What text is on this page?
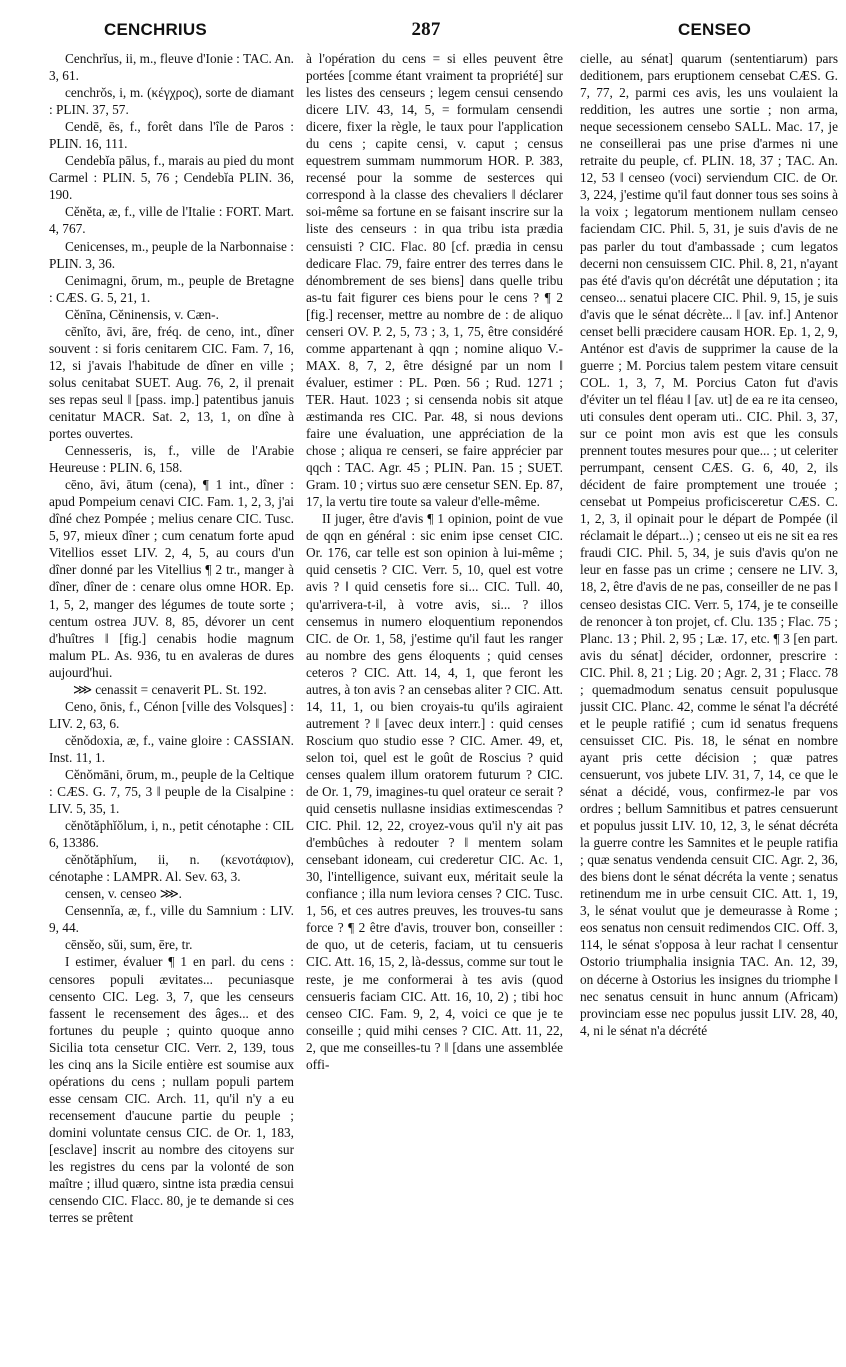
CENCHRIUS	287	CENSEO

Cenchrĭus, ii, m., fleuve d'Ionie : TAC. An. 3, 61.

cenchrŏs, i, m. (κέγχρος), sorte de diamant : PLIN. 37, 57.

Cendē, ēs, f., forêt dans l'île de Paros : PLIN. 16, 111.

Cendebĭa pālus, f., marais au pied du mont Carmel : PLIN. 5, 76 ; Cendebĭa PLIN. 36, 190.

Cĕnĕta, æ, f., ville de l'Italie : FORT. Mart. 4, 767.

Cenicenses, m., peuple de la Narbonnaise : PLIN. 3, 36.

Cenimagni, ōrum, m., peuple de Bretagne : CÆS. G. 5, 21, 1.

Cĕnīna, Cĕninensis, v. Cæn-.

cēnĭto, āvi, āre, fréq. de ceno, int., dîner souvent : si foris cenitarem CIC. Fam. 7, 16, 12, si j'avais l'habitude de dîner en ville ; solus cenitabat SUET. Aug. 76, 2, il prenait ses repas seul ‖ [pass. imp.] patentibus januis cenitatur MACR. Sat. 2, 13, 1, on dîne à portes ouvertes.

Cennesseris, is, f., ville de l'Arabie Heureuse : PLIN. 6, 158.

cēno, āvi, ātum (cena), ¶ 1 int., dîner : apud Pompeium cenavi CIC. Fam. 1, 2, 3, j'ai dîné chez Pompée ; melius cenare CIC. Tusc. 5, 97, mieux dîner ; cum cenatum forte apud Vitellios esset LIV. 2, 4, 5, au cours d'un dîner donné par les Vitellius ¶ 2 tr., manger à dîner, dîner de : cenare olus omne HOR. Ep. 1, 5, 2, manger des légumes de toute sorte ; centum ostrea JUV. 8, 85, dévorer un cent d'huîtres ‖ [fig.] cenabis hodie magnum malum PL. As. 936, tu en avaleras de dures aujourd'hui.

⋙ cenassit = cenaverit PL. St. 192.

Ceno, ōnis, f., Cénon [ville des Volsques] : LIV. 2, 63, 6.

cĕnŏdoxia, æ, f., vaine gloire : CASSIAN. Inst. 11, 1.

Cĕnŏmāni, ōrum, m., peuple de la Celtique : CÆS. G. 7, 75, 3 ‖ peuple de la Cisalpine : LIV. 5, 35, 1.

cĕnŏtăphĭŏlum, i, n., petit cénotaphe : CIL 6, 13386.

cĕnŏtăphĭum, ii, n. (κενοτάφιον), cénotaphe : LAMPR. Al. Sev. 63, 3.

censen, v. censeo ⋙.

Censennĭa, æ, f., ville du Samnium : LIV. 9, 44.

cēnsĕo, sŭi, sum, ēre, tr.

I estimer, évaluer ¶ 1 en parl. du cens : censores populi ævitates... pecuniasque censento CIC. Leg. 3, 7, que les censeurs fassent le recensement des âges... et des fortunes du peuple ; quinto quoque anno Sicilia tota censetur CIC. Verr. 2, 139, tous les cinq ans la Sicile entière est soumise aux opérations du cens ; nullam populi partem esse censam CIC. Arch. 11, qu'il n'y a eu recensement d'aucune partie du peuple ; domini voluntate census CIC. de Or. 1, 183, [esclave] inscrit au nombre des citoyens sur les registres du cens par la volonté de son maître ; illud quæro, sintne ista prædia censui censendo CIC. Flacc. 80, je te demande si ces terres se prêtent

à l'opération du cens = si elles peuvent être portées [comme étant vraiment ta propriété] sur les listes des censeurs ; legem censui censendo dicere LIV. 43, 14, 5, = formulam censendi dicere, fixer la règle, le taux pour l'application du cens ; capite censi, v. caput ; census equestrem summam nummorum HOR. P. 383, recensé pour la somme de sesterces qui correspond à la classe des chevaliers ‖ déclarer soi-même sa fortune en se faisant inscrire sur la liste des censeurs : in qua tribu ista prædia censuisti ? CIC. Flac. 80 [cf. prædia in censu dedicare Flac. 79, faire entrer des terres dans le dénombrement de ses biens] dans quelle tribu as-tu fait figurer ces biens pour le cens ? ¶ 2 [fig.] recenser, mettre au nombre de : de aliquo censeri OV. P. 2, 5, 73 ; 3, 1, 75, être considéré comme appartenant à qqn ; nomine aliquo V.-MAX. 8, 7, 2, être désigné par un nom ‖ évaluer, estimer : PL. Pœn. 56 ; Rud. 1271 ; TER. Haut. 1023 ; si censenda nobis sit atque æstimanda res CIC. Par. 48, si nous devions faire une évaluation, une appréciation de la chose ; aliqua re censeri, se faire apprécier par qqch : TAC. Agr. 45 ; PLIN. Pan. 15 ; SUET. Gram. 10 ; virtus suo ære censetur SEN. Ep. 87, 17, la vertu tire toute sa valeur d'elle-même.

II juger, être d'avis ¶ 1 opinion, point de vue de qqn en général : sic enim ipse censet CIC. Or. 176, car telle est son opinion à lui-même ; quid censetis ? CIC. Verr. 5, 10, quel est votre avis ? ‖ quid censetis fore si... CIC. Tull. 40, qu'arrivera-t-il, à votre avis, si... ? illos censemus in numero eloquentium reponendos CIC. de Or. 1, 58, j'estime qu'il faut les ranger au nombre des gens éloquents ; quid censes ceteros ? CIC. Att. 14, 4, 1, que feront les autres, à ton avis ? an censebas aliter ? CIC. Att. 14, 11, 1, ou bien croyais-tu qu'ils agiraient autrement ? ‖ [avec deux interr.] : quid censes Roscium quo studio esse ? CIC. Amer. 49, et, selon toi, quel est le goût de Roscius ? quid censes qualem illum oratorem futurum ? CIC. de Or. 1, 79, imagines-tu quel orateur ce serait ? quid censetis nullasne insidias extimescendas ? CIC. Phil. 12, 22, croyez-vous qu'il n'y ait pas d'embûches à redouter ? ‖ mentem solam censebant idoneam, cui crederetur CIC. Ac. 1, 30, l'intelligence, suivant eux, méritait seule la confiance ; illa num leviora censes ? CIC. Tusc. 1, 56, et ces autres preuves, les trouves-tu sans force ? ¶ 2 être d'avis, trouver bon, conseiller : de quo, ut de ceteris, faciam, ut tu censueris CIC. Att. 16, 15, 2, là-dessus, comme sur tout le reste, je me conformerai à tes avis (quod censueris faciam CIC. Att. 16, 10, 2) ; tibi hoc censeo CIC. Fam. 9, 2, 4, voici ce que je te conseille ; quid mihi censes ? CIC. Att. 11, 22, 2, que me conseilles-tu ? ‖ [dans une assemblée offi-

cielle, au sénat] quarum (sententiarum) pars deditionem, pars eruptionem censebat CÆS. G. 7, 77, 2, parmi ces avis, les uns voulaient la reddition, les autres une sortie ; non arma, neque secessionem censebo SALL. Mac. 17, je ne conseillerai pas une prise d'armes ni une retraite du peuple, cf. PLIN. 18, 37 ; TAC. An. 12, 53 ‖ censeo (voci) serviendum CIC. de Or. 3, 224, j'estime qu'il faut donner tous ses soins à la voix ; legatorum mentionem nullam censeo faciendam CIC. Phil. 5, 31, je suis d'avis de ne pas parler du tout d'ambassade ; cum legatos decerni non censuissem CIC. Phil. 8, 21, n'ayant pas été d'avis qu'on décrétât une députation ; ita censeo... senatui placere CIC. Phil. 9, 15, je suis d'avis que le sénat décrète... ‖ [av. inf.] Antenor censet belli præcidere causam HOR. Ep. 1, 2, 9, Anténor est d'avis de supprimer la cause de la guerre ; M. Porcius talem pestem vitare censuit COL. 1, 3, 7, M. Porcius Caton fut d'avis d'éviter un tel fléau ‖ [av. ut] de ea re ita censeo, uti consules dent operam uti.. CIC. Phil. 3, 37, sur ce point mon avis est que les consuls prennent toutes mesures pour que... ; ut celeriter perrumpant, censent CÆS. G. 6, 40, 2, ils décident de faire promptement une trouée ; censebat ut Pompeius proficisceretur CÆS. C. 1, 2, 3, il opinait pour le départ de Pompée (il réclamait le départ...) ; censeo ut eis ne sit ea res fraudi CIC. Phil. 5, 34, je suis d'avis qu'on ne leur en fasse pas un crime ; censere ne LIV. 3, 18, 2, être d'avis de ne pas, conseiller de ne pas ‖ censeo desistas CIC. Verr. 5, 174, je te conseille de renoncer à ton projet, cf. Clu. 135 ; Flac. 75 ; Planc. 13 ; Phil. 2, 95 ; Læ. 17, etc. ¶ 3 [en part. avis du sénat] décider, ordonner, prescrire : CIC. Phil. 8, 21 ; Lig. 20 ; Agr. 2, 31 ; Flacc. 78 ; quemadmodum senatus censuit populusque jussit CIC. Planc. 42, comme le sénat l'a décrété et le peuple ratifié ; cum id senatus frequens censuisset CIC. Pis. 18, le sénat en nombre ayant pris cette décision ; quæ patres censuerunt, vos jubete LIV. 31, 7, 14, ce que le sénat a décidé, vous, confirmez-le par vos ordres ; bellum Samnitibus et patres censuerunt et populus jussit LIV. 10, 12, 3, le sénat décréta la guerre contre les Samnites et le peuple ratifia ; quæ senatus vendenda censuit CIC. Agr. 2, 36, des biens dont le sénat décréta la vente ; senatus retinendum me in urbe censuit CIC. Att. 1, 19, 3, le sénat voulut que je demeurasse à Rome ; eos senatus non censuit redimendos CIC. Off. 3, 114, le sénat s'opposa à leur rachat ‖ censentur Ostorio triumphalia insignia TAC. An. 12, 39, on décerne à Ostorius les insignes du triomphe ‖ nec senatus censuit in hunc annum (Africam) provinciam esse nec populus jussit LIV. 28, 40, 4, ni le sénat n'a décrété
